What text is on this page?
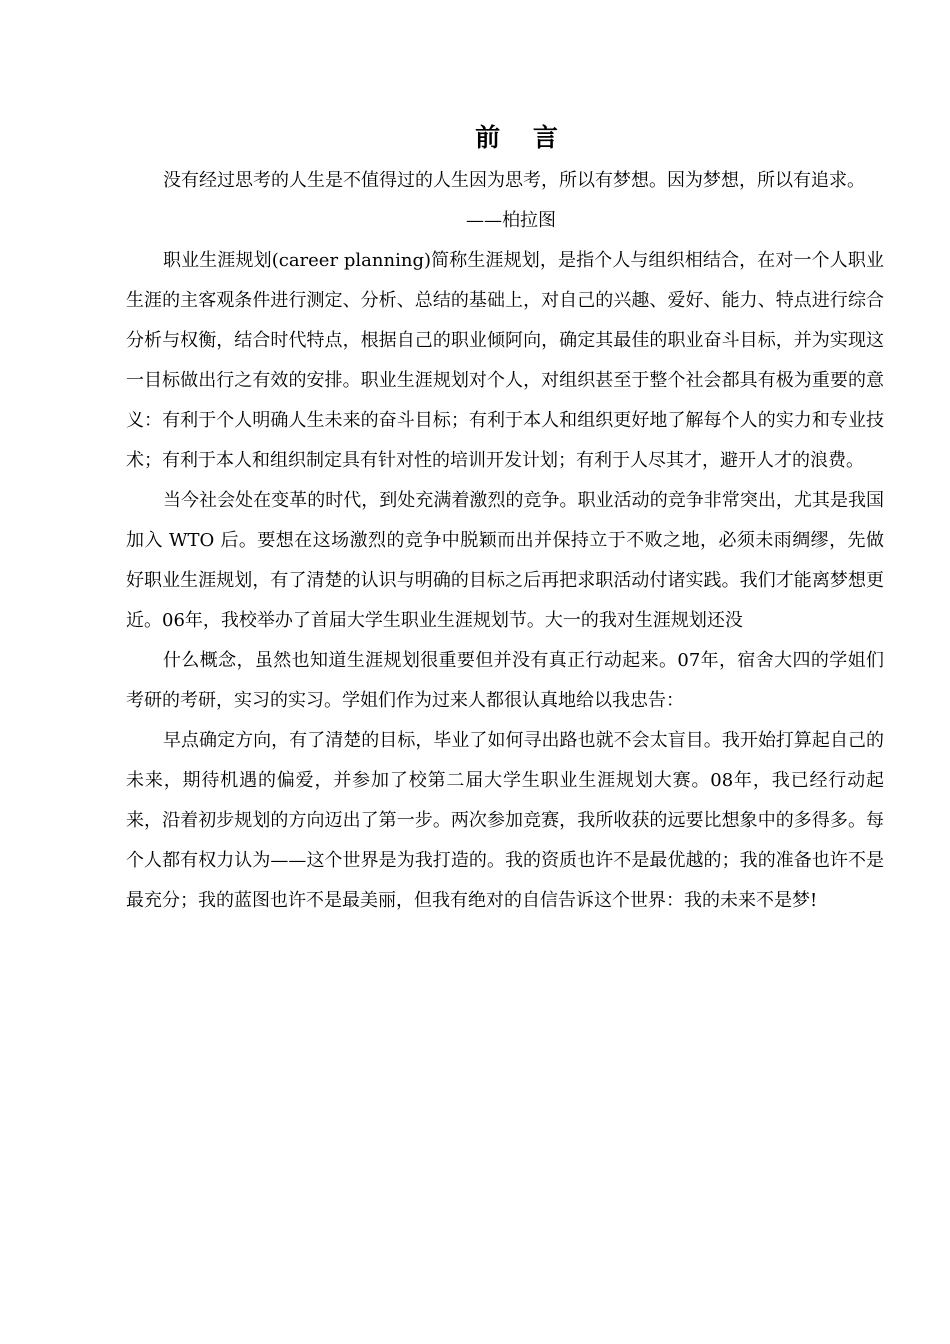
前 言

没有经过思考的人生是不值得过的人生因为思考，所以有梦想。因为梦想，所以有追求。

——柏拉图

职业生涯规划(career planning)简称生涯规划，是指个人与组织相结合，在对一个人职业生涯的主客观条件进行测定、分析、总结的基础上，对自己的兴趣、爱好、能力、特点进行综合分析与权衡，结合时代特点，根据自己的职业倾阿向，确定其最佳的职业奋斗目标，并为实现这一目标做出行之有效的安排。职业生涯规划对个人，对组织甚至于整个社会都具有极为重要的意义：有利于个人明确人生未来的奋斗目标；有利于本人和组织更好地了解每个人的实力和专业技术；有利于本人和组织制定具有针对性的培训开发计划；有利于人尽其才，避开人才的浪费。

当今社会处在变革的时代，到处充满着激烈的竞争。职业活动的竞争非常突出，尤其是我国加入 WTO 后。要想在这场激烈的竞争中脱颖而出并保持立于不败之地，必须未雨绸缪，先做好职业生涯规划，有了清楚的认识与明确的目标之后再把求职活动付诸实践。我们才能离梦想更近。06年，我校举办了首届大学生职业生涯规划节。大一的我对生涯规划还没

什么概念，虽然也知道生涯规划很重要但并没有真正行动起来。07年，宿舍大四的学姐们考研的考研，实习的实习。学姐们作为过来人都很认真地给以我忠告：

早点确定方向，有了清楚的目标，毕业了如何寻出路也就不会太盲目。我开始打算起自己的未来，期待机遇的偏爱，并参加了校第二届大学生职业生涯规划大赛。08年，我已经行动起来，沿着初步规划的方向迈出了第一步。两次参加竞赛，我所收获的远要比想象中的多得多。每个人都有权力认为——这个世界是为我打造的。我的资质也许不是最优越的；我的准备也许不是最充分；我的蓝图也许不是最美丽，但我有绝对的自信告诉这个世界：我的未来不是梦!
